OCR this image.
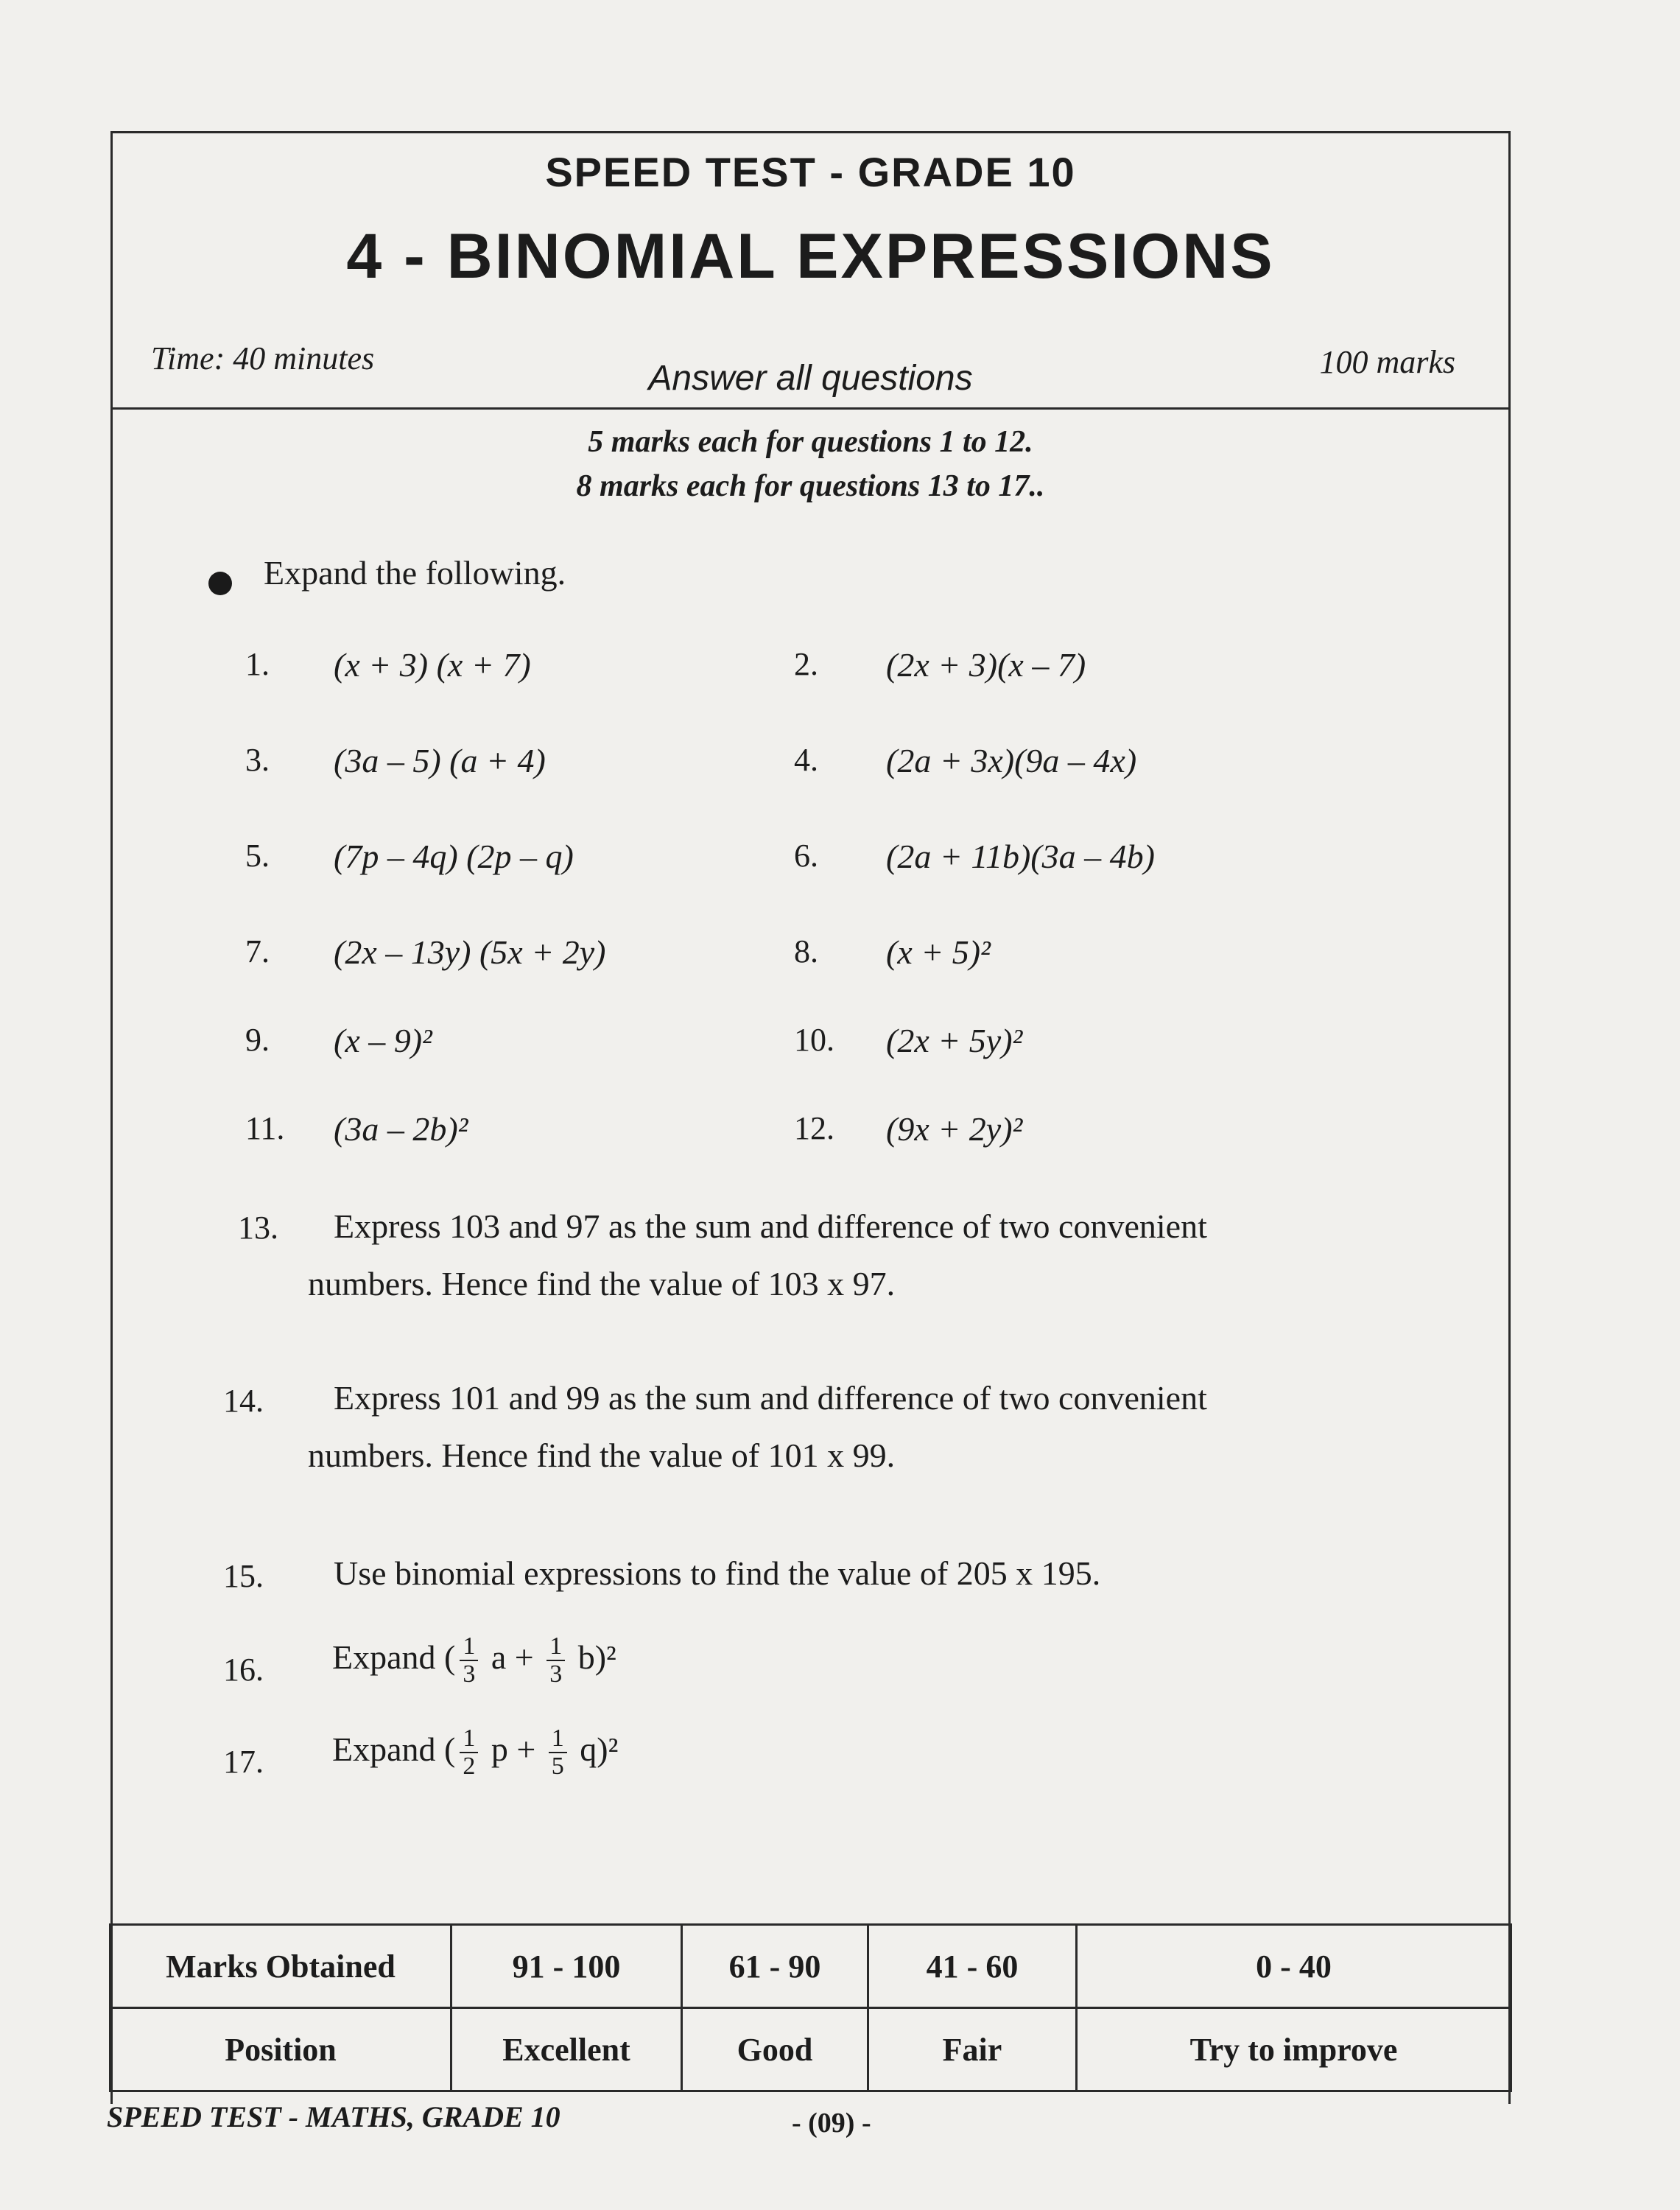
SPEED TEST - GRADE 10
4 - BINOMIAL EXPRESSIONS
Time: 40 minutes
Answer all questions	100 marks
5 marks each for questions 1 to 12.
8 marks each for questions 13 to 17..
Expand the following.
1. (x + 3) (x + 7)	2. (2x + 3)(x – 7)
3. (3a – 5) (a + 4)	4. (2a + 3x)(9a – 4x)
5. (7p – 4q) (2p – q)	6. (2a + 11b)(3a – 4b)
7. (2x – 13y) (5x + 2y)	8. (x + 5)²
9. (x – 9)²	10. (2x + 5y)²
11. (3a – 2b)²	12. (9x + 2y)²
13. Express 103 and 97 as the sum and difference of two convenient
numbers. Hence find the value of 103 x 97.
14. Express 101 and 99 as the sum and difference of two convenient
numbers. Hence find the value of 101 x 99.
15. Use binomial expressions to find the value of 205 x 195.
16. Expand ( $\frac{1}{3}$ $a + \frac{1}{3} b)^2$
17. Expand ( $\frac{1}{2}$ $p + \frac{1}{5} q)^2$
Marks Obtained	91 - 100	61 - 90	41 - 60	0 - 40
Position	Excellent	Good	Fair	Try to improve
SPEED TEST - MATHS, GRADE 10	- (09) -
